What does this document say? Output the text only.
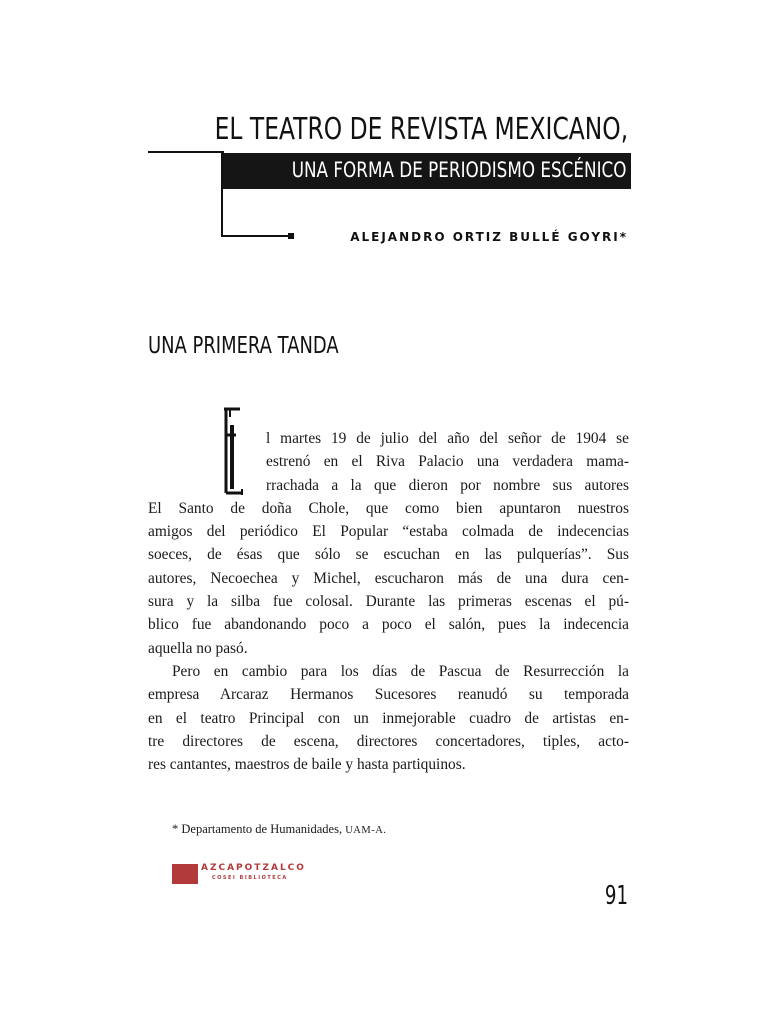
EL TEATRO DE REVISTA MEXICANO,
UNA FORMA DE PERIODISMO ESCÉNICO
ALEJANDRO ORTIZ BULLÉ GOYRI*
UNA PRIMERA TANDA
l martes 19 de julio del año del señor de 1904 se
estrenó en el Riva Palacio una verdadera mama-
rrachada a la que dieron por nombre sus autores
El Santo de doña Chole, que como bien apuntaron nuestros
amigos del periódico El Popular “estaba colmada de indecencias
soeces, de ésas que sólo se escuchan en las pulquerías”. Sus
autores, Necoechea y Michel, escucharon más de una dura cen-
sura y la silba fue colosal. Durante las primeras escenas el pú-
blico fue abandonando poco a poco el salón, pues la indecencia
aquella no pasó.
Pero en cambio para los días de Pascua de Resurrección la
empresa Arcaraz Hermanos Sucesores reanudó su temporada
en el teatro Principal con un inmejorable cuadro de artistas en-
tre directores de escena, directores concertadores, tiples, acto-
res cantantes, maestros de baile y hasta partiquinos.
* Departamento de Humanidades, UAM-A.
AZCAPOTZALCO
COSEI BIBLIOTECA
91
